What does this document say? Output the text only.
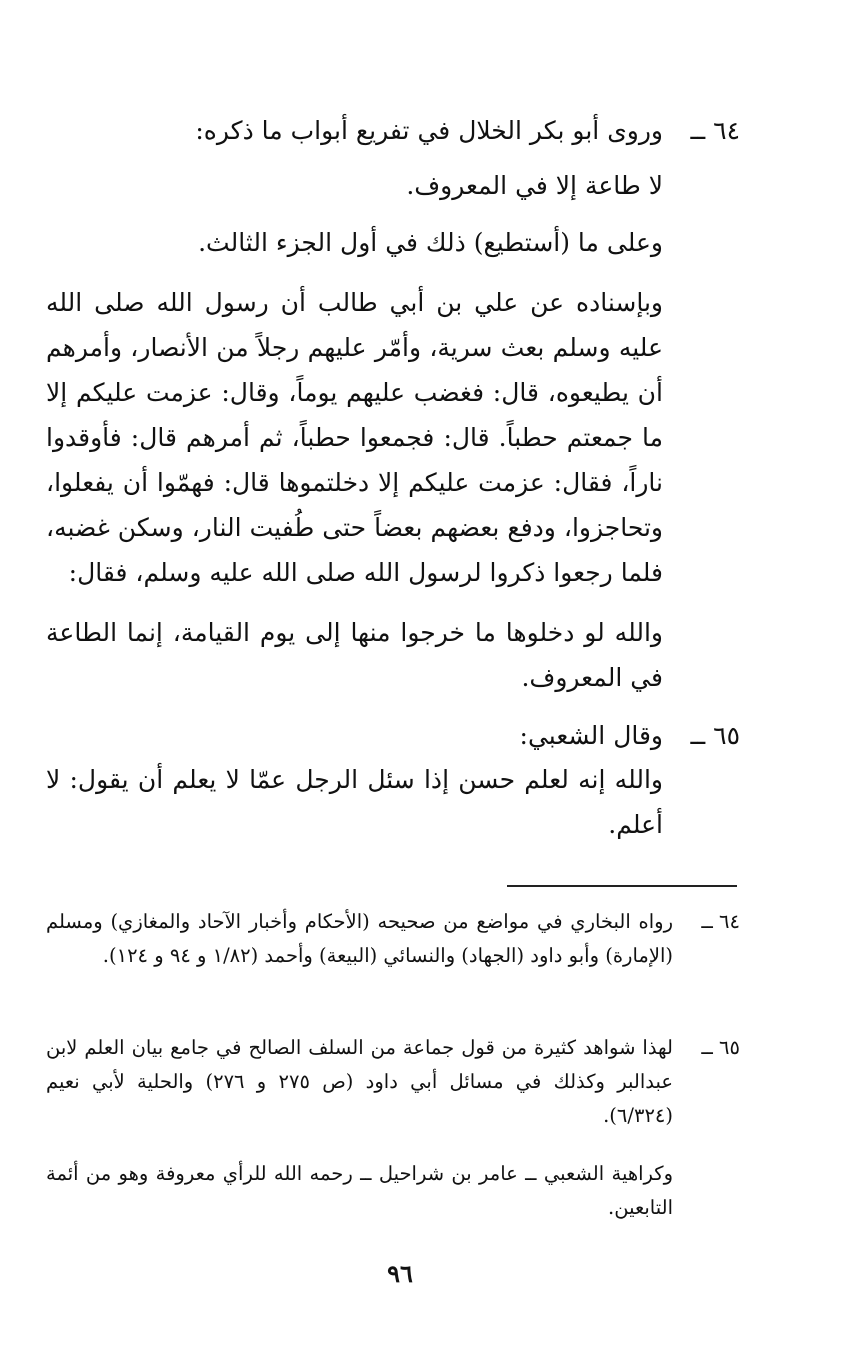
٦٤ ــ

وروى أبو بكر الخلال في تفريع أبواب ما ذكره:

لا طاعة إلا في المعروف.

وعلى ما (أستطيع) ذلك في أول الجزء الثالث.

وبإسناده عن علي بن أبي طالب أن رسول الله صلى الله عليه وسلم بعث سرية، وأمّر عليهم رجلاً من الأنصار، وأمرهم أن يطيعوه، قال: فغضب عليهم يوماً، وقال: عزمت عليكم إلا ما جمعتم حطباً. قال: فجمعوا حطباً، ثم أمرهم قال: فأوقدوا ناراً، فقال: عزمت عليكم إلا دخلتموها قال: فهمّوا أن يفعلوا، وتحاجزوا، ودفع بعضهم بعضاً حتى طُفيت النار، وسكن غضبه، فلما رجعوا ذكروا لرسول الله صلى الله عليه وسلم، فقال:

والله لو دخلوها ما خرجوا منها إلى يوم القيامة، إنما الطاعة في المعروف.

٦٥ ــ

وقال الشعبي:

والله إنه لعلم حسن إذا سئل الرجل عمّا لا يعلم أن يقول: لا أعلم.

٦٤ ــ

رواه البخاري في مواضع من صحيحه (الأحكام وأخبار الآحاد والمغازي) ومسلم (الإمارة) وأبو داود (الجهاد) والنسائي (البيعة) وأحمد (١/٨٢ و ٩٤ و ١٢٤).

٦٥ ــ

لهذا شواهد كثيرة من قول جماعة من السلف الصالح في جامع بيان العلم لابن عبدالبر وكذلك في مسائل أبي داود (ص ٢٧٥ و ٢٧٦) والحلية لأبي نعيم (٦/٣٢٤).

وكراهية الشعبي ــ عامر بن شراحيل ــ رحمه الله للرأي معروفة وهو من أئمة التابعين.

٩٦
